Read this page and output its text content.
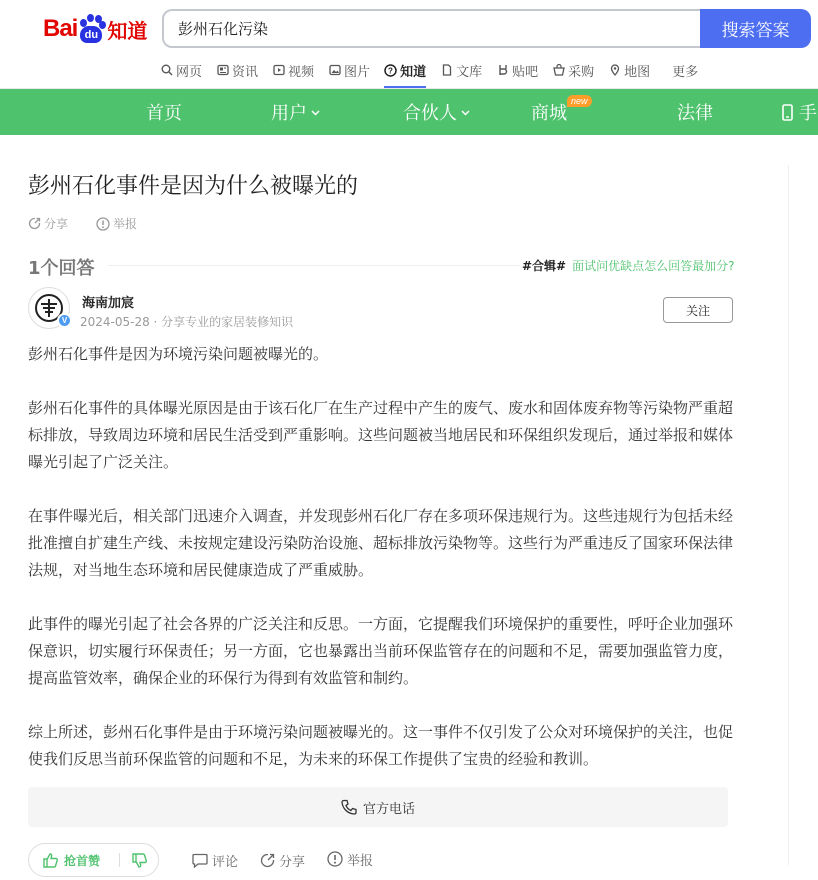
Bai du 知道
彭州石化污染	搜索答案
网页 资讯 视频 图片 ? 知道 文库 贴吧 采购 地图 更多
首页	用户	合伙人	商城
new
法律	手
彭州石化事件是因为什么被曝光的
分享	举报
1个回答	#合辑# 面试问优缺点怎么回答最加分?
V
海南加宸
2024-05-28 · 分享专业的家居装修知识
关注

彭州石化事件是因为环境污染问题被曝光的。

彭州石化事件的具体曝光原因是由于该石化厂在生产过程中产生的废气、废水和固体废弃物等污染物严重超标排放，导致周边环境和居民生活受到严重影响。这些问题被当地居民和环保组织发现后，通过举报和媒体曝光引起了广泛关注。

在事件曝光后，相关部门迅速介入调查，并发现彭州石化厂存在多项环保违规行为。这些违规行为包括未经批准擅自扩建生产线、未按规定建设污染防治设施、超标排放污染物等。这些行为严重违反了国家环保法律法规，对当地生态环境和居民健康造成了严重威胁。

此事件的曝光引起了社会各界的广泛关注和反思。一方面，它提醒我们环境保护的重要性，呼吁企业加强环保意识，切实履行环保责任；另一方面，它也暴露出当前环保监管存在的问题和不足，需要加强监管力度，提高监管效率，确保企业的环保行为得到有效监管和制约。

综上所述，彭州石化事件是由于环境污染问题被曝光的。这一事件不仅引发了公众对环境保护的关注，也促使我们反思当前环保监管的问题和不足，为未来的环保工作提供了宝贵的经验和教训。

官方电话
抢首赞	评论	分享	举报
